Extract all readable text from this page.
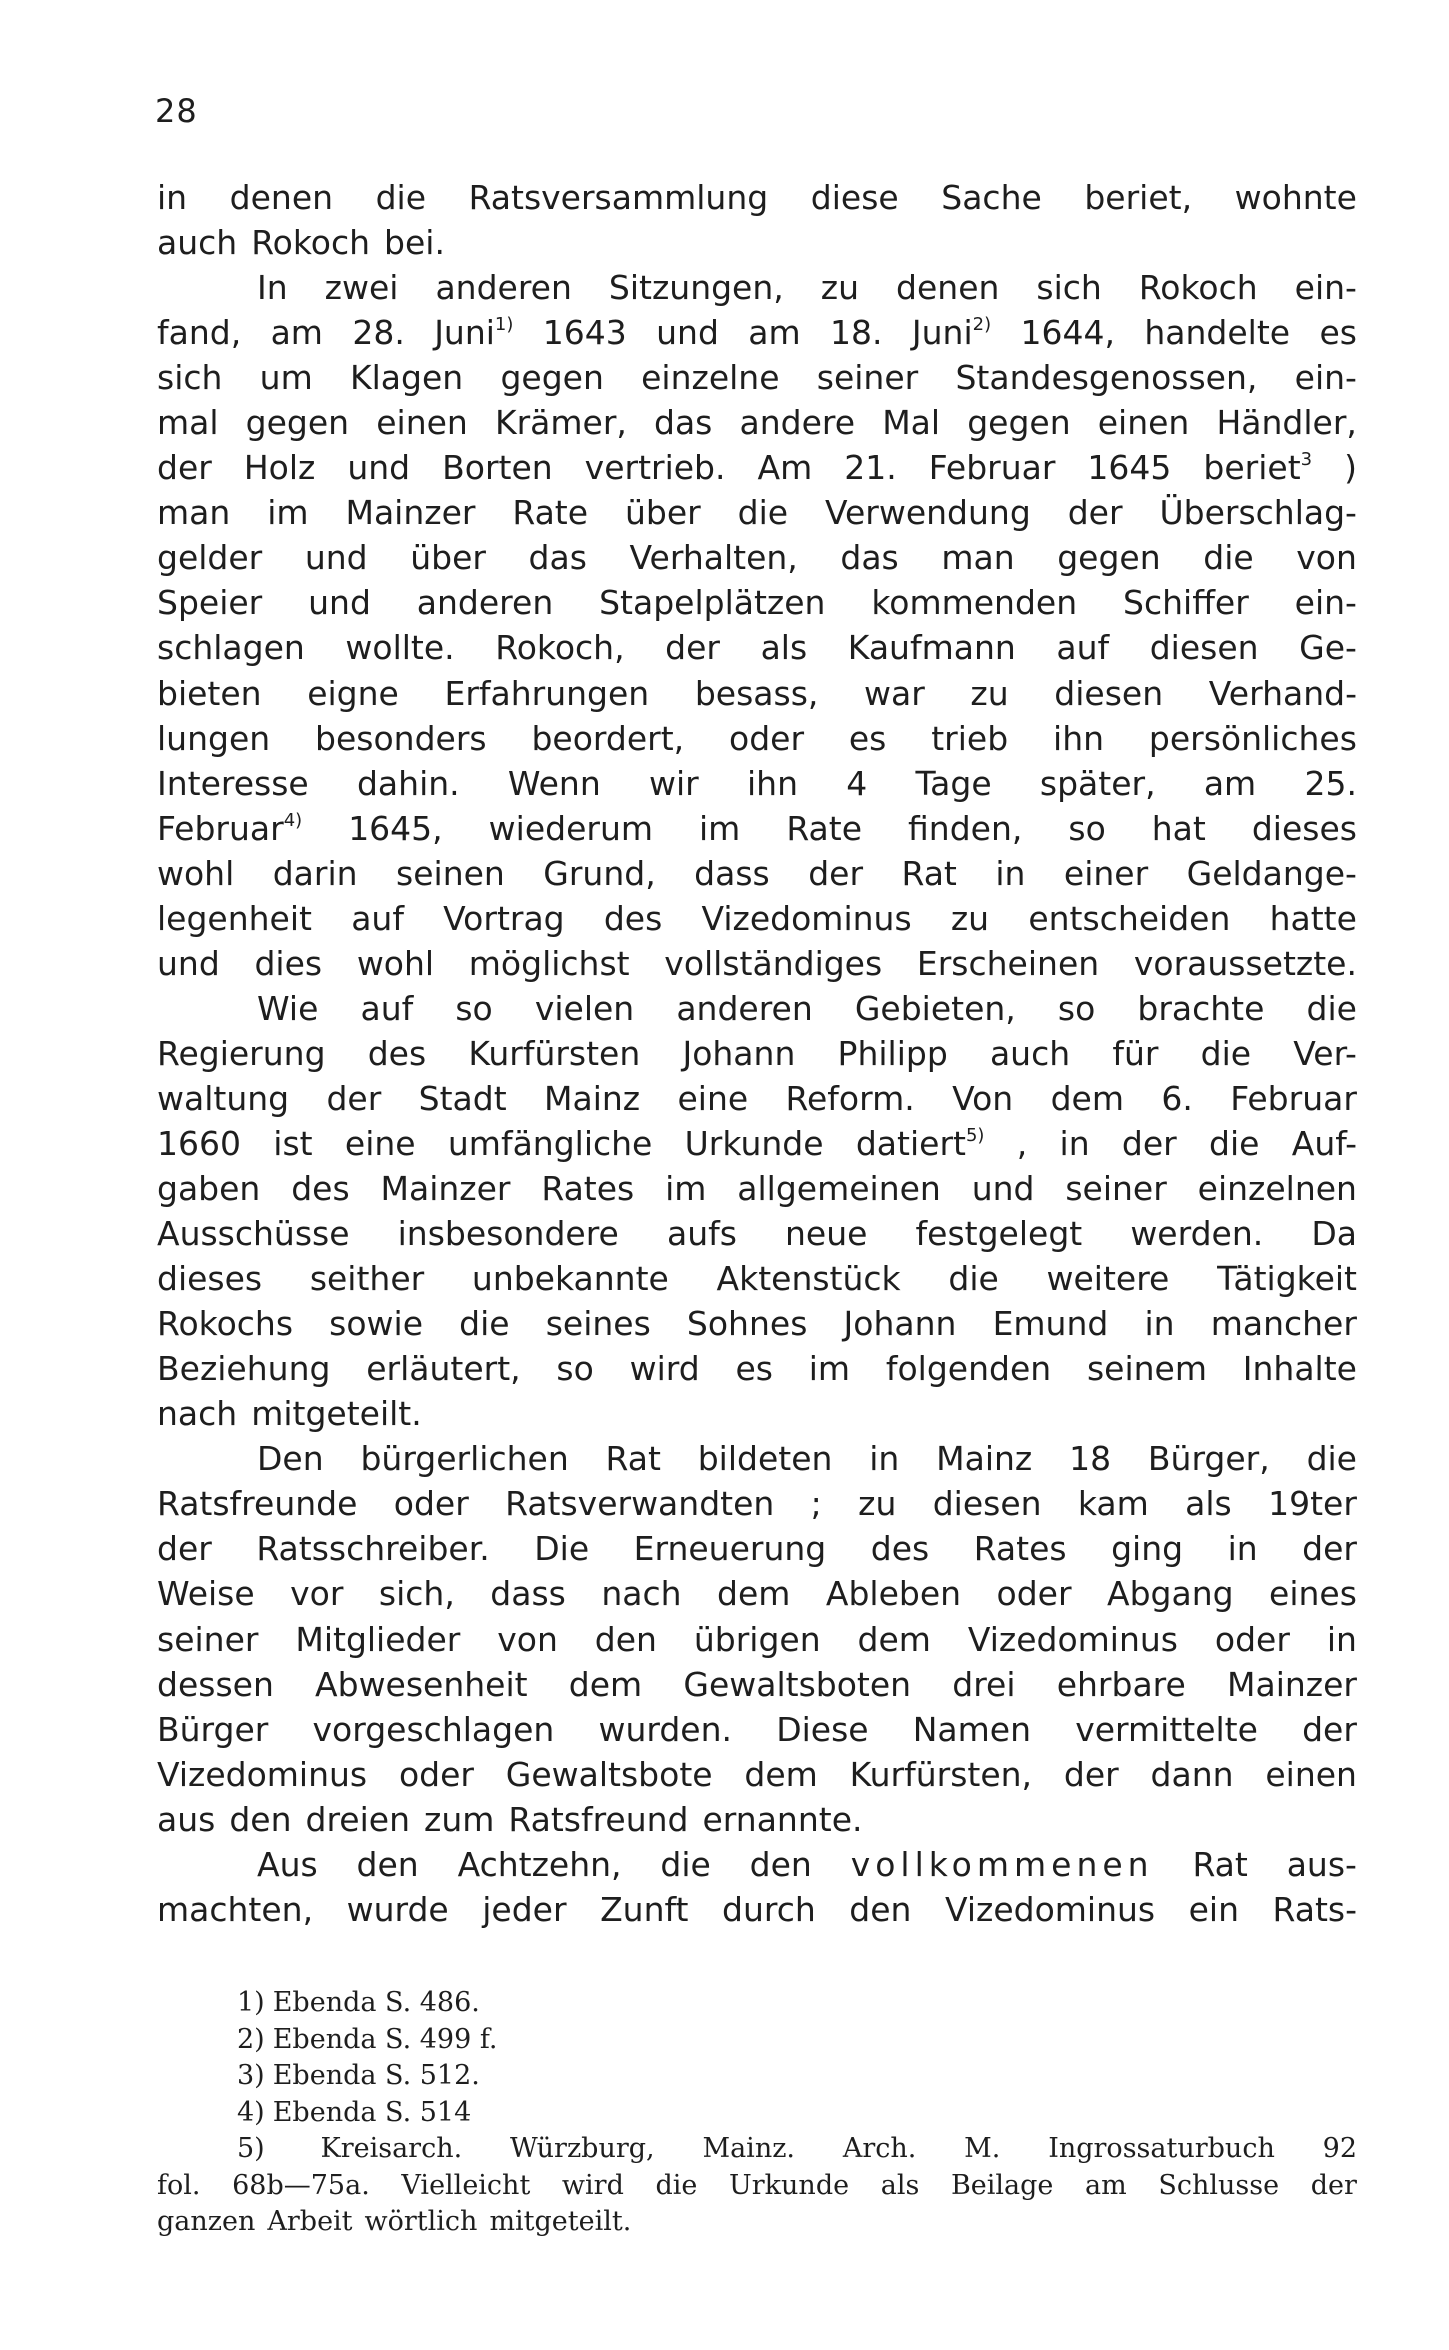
28
in denen die Ratsversammlung diese Sache beriet, wohnte
auch Rokoch bei.
In zwei anderen Sitzungen, zu denen sich Rokoch ein-
fand, am 28. Juni$^{1)}$ 1643 und am 18. Juni$^{2)}$ 1644, handelte es
sich um Klagen gegen einzelne seiner Standesgenossen, ein-
mal gegen einen Krämer, das andere Mal gegen einen Händler,
der Holz und Borten vertrieb. Am 21. Februar 1645 beriet$^3$ )
man im Mainzer Rate über die Verwendung der Überschlag-
gelder und über das Verhalten, das man gegen die von
Speier und anderen Stapelplätzen kommenden Schiffer ein-
schlagen wollte. Rokoch, der als Kaufmann auf diesen Ge-
bieten eigne Erfahrungen besass, war zu diesen Verhand-
lungen besonders beordert, oder es trieb ihn persönliches
Interesse dahin. Wenn wir ihn 4 Tage später, am 25.
Februar$^{4)}$ 1645, wiederum im Rate finden, so hat dieses
wohl darin seinen Grund, dass der Rat in einer Geldange-
legenheit auf Vortrag des Vizedominus zu entscheiden hatte
und dies wohl möglichst vollständiges Erscheinen voraussetzte.
Wie auf so vielen anderen Gebieten, so brachte die
Regierung des Kurfürsten Johann Philipp auch für die Ver-
waltung der Stadt Mainz eine Reform. Von dem 6. Februar
1660 ist eine umfängliche Urkunde datiert$^{5)}$ , in der die Auf-
gaben des Mainzer Rates im allgemeinen und seiner einzelnen
Ausschüsse insbesondere aufs neue festgelegt werden. Da
dieses seither unbekannte Aktenstück die weitere Tätigkeit
Rokochs sowie die seines Sohnes Johann Emund in mancher
Beziehung erläutert, so wird es im folgenden seinem Inhalte
nach mitgeteilt.
Den bürgerlichen Rat bildeten in Mainz 18 Bürger, die
Ratsfreunde oder Ratsverwandten ; zu diesen kam als 19ter
der Ratsschreiber. Die Erneuerung des Rates ging in der
Weise vor sich, dass nach dem Ableben oder Abgang eines
seiner Mitglieder von den übrigen dem Vizedominus oder in
dessen Abwesenheit dem Gewaltsboten drei ehrbare Mainzer
Bürger vorgeschlagen wurden. Diese Namen vermittelte der
Vizedominus oder Gewaltsbote dem Kurfürsten, der dann einen
aus den dreien zum Ratsfreund ernannte.
Aus den Achtzehn, die den vollkommenen Rat aus-
machten, wurde jeder Zunft durch den Vizedominus ein Rats-
1) Ebenda S. 486.
2) Ebenda S. 499 f.
3) Ebenda S. 512.
4) Ebenda S. 514
5) Kreisarch. Würzburg, Mainz. Arch. M. Ingrossaturbuch 92
fol. 68b—75a. Vielleicht wird die Urkunde als Beilage am Schlusse der
ganzen Arbeit wörtlich mitgeteilt.
